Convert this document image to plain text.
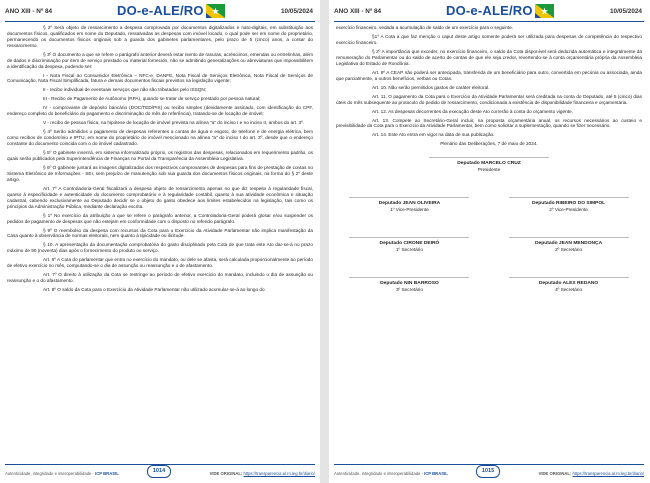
ANO XIII - Nº 84	DO-e-ALE/RO	10/05/2024

§ 2º Será objeto de ressarcimento a despesa comprovada por documentos digitalizados e nato-digitais, em substituição aos documentos físicos, qualificados em nome do Deputado, ressalvadas as despesas com imóvel locado, o qual pode ser em nome do proprietário, permanecendo os documentos físicos originais sob a guarda dos gabinetes parlamentares, pelo prazo de 5 (cinco) anos, a contar do ressarcimento.

§ 3º O documento a que se refere o parágrafo anterior deverá estar isento de rasuras, acréscimos, emendas ou entrelinhas, além de dados e discriminação por item de serviço prestado ou material fornecido, não se admitindo generalizações ou abreviaturas que impossibilitem a identificação da despesa, podendo ser:

I - Nota Fiscal ao Consumidor Eletrônica – NFC-e, DANFE, Nota Fiscal de Serviços Eletrônica, Nota Fiscal de Serviços de Comunicação, Nota Fiscal Simplificada, fatura e demais documentos fiscais previstos na legislação vigente;

II - recibo individual de eventuais serviços que não são tributados pelo ISSQN;

III - Recibo de Pagamento de Autônomo (RPA), quando se tratar de serviço prestado por pessoa natural;

IV - comprovante de depósito bancário (DOC/TED/PIX) ou recibo simples (devidamente assinado, com identificação do CPF, endereço completo do beneficiário do pagamento e discriminação do mês de referência), tratando-se de locação de imóvel;

V - recibo de pessoa física, na hipótese de locação de imóvel prevista na alínea "a" do inciso I e no inciso II, ambos do art. 3º.

§ 4º Serão admitidos o pagamento de despesas referentes a contas de água e esgoto, de telefone e de energia elétrica, bem como recibos de condomínio e IPTU, em nome do proprietário do imóvel mencionado na alínea "a" do inciso I do art. 3º, desde que o endereço constante do documento coincida com o do imóvel cadastrado.

§ 5º O gabinete inserirá, em sistema informatizado próprio, os registros das despesas, relacionados em requerimento padrão, os quais serão publicados pela Superintendência de Finanças no Portal da Transparência da Assembleia Legislativa.

§ 6º O gabinete juntará as imagens digitalizadas dos respectivos comprovantes de despesas para fins de prestação de contas no Sistema Eletrônico de Informações - SEI, sem prejuízo de manutenção sob sua guarda dos documentos físicos originais, na forma do § 2º deste artigo.

Art. 7º A Controladoria-Geral fiscalizará a despesa objeto de ressarcimento apenas no que diz respeito à regularidade fiscal, quanto à especificidade e autenticidade do documento comprobatório e à regularidade contábil, quanto à sua atividade econômica e situação cadastral, cabendo exclusivamente ao Deputado decidir se o objeto do gasto obedece aos limites estabelecidos na legislação, tais como os princípios da Administração Pública, mediante declaração escrita.

§ 1º No exercício da atribuição a que se refere o parágrafo anterior, a Controladoria-Geral poderá glosar e/ou suspender os pedidos de pagamento de despesas que não estejam em conformidade com o disposto no referido parágrafo.

§ 9º O reembolso da despesa com recursos da Cota para o Exercício da Atividade Parlamentar não implica manifestação da Casa quanto à observância de normas eleitorais, nem quanto à tipicidade ou ilicitude.

§ 10. A apresentação da documentação comprobatória do gasto disciplinado pela Cota de que trata este Ato dar-se-á no prazo máximo de 90 (noventa) dias após o fornecimento do produto ou serviço.

Art. 6º A Cota do parlamentar que entra no exercício do mandato, ou dele se afasta, será calculada proporcionalmente ao período de efetivo exercício no mês, computando-se o dia de assunção ou reassunção e o de afastamento.

Art. 7º O direito à utilização da Cota se restringe ao período de efetivo exercício do mandato, incluindo o dia de assunção ou reassunção e o do afastamento.

Art. 8º O saldo da Cota para o Exercício da Atividade Parlamentar não utilizado acumular-se-á ao longo do

Autenticidade, integridade e interoperabilidade - ICP BRASIL	1014	VIDE ORIGINAL: https://transparencia.al.ro.leg.br/diario/
ANO XIII - Nº 84	DO-e-ALE/RO	10/05/2024

exercício financeiro, vedada a acumulação de saldo de um exercício para o seguinte.

§1º A Cota a que faz menção o caput deste artigo somente poderá ser utilizada para despesas de competência do respectivo exercício financeiro.

§ 2º A importância que exceder, no exercício financeiro, o saldo da Cota disponível será deduzida automática e integralmente da remuneração do Parlamentar ou do saldo de acerto de contas de que ele seja credor, revertendo-se à conta orçamentária própria da Assembleia Legislativa do Estado de Rondônia.

Art. 9º A CEAP não poderá ser antecipada, transferida de um beneficiário para outro, convertida em pecúnia ou associada, ainda que parcialmente, a outros benefícios, verbas ou Cotas.

Art. 10. Não serão permitidos gastos de caráter eleitoral.

Art. 11. O pagamento da Cota para o Exercício da Atividade Parlamentar será creditada na conta do Deputado, até 5 (cinco) dias úteis do mês subsequente ao protocolo do pedido de ressarcimento, condicionada a existência de disponibilidade financeira e orçamentária.

Art. 12. As despesas decorrentes da execução deste Ato correrão à conta do orçamento vigente.

Art. 13. Compete ao Secretário-Geral incluir, na proposta orçamentária anual, os recursos necessários ao custeio e previsibilidade da Cota para o Exercício da Atividade Parlamentar, bem como solicitar a suplementação, quando se fizer necessário.

Art. 14. Este Ato entra em vigor na data de sua publicação.

Plenário das Deliberações, 7 de maio de 2024.

Deputado MARCELO CRUZ
Presidente
Deputado JEAN OLIVEIRA
1º Vice-Presidente
Deputado RIBEIRO DO SIMPOL
2º Vice-Presidente
Deputado CIRONE DEIRÓ
1º Secretário
Deputado JEAN MENDONÇA
2º Secretário
Deputado NIN BARROSO
3º Secretário
Deputado ALEX REDANO
4º Secretário
Autenticidade, integridade e interoperabilidade - ICP BRASIL	1015	VIDE ORIGINAL: https://transparencia.al.ro.leg.br/diario/
